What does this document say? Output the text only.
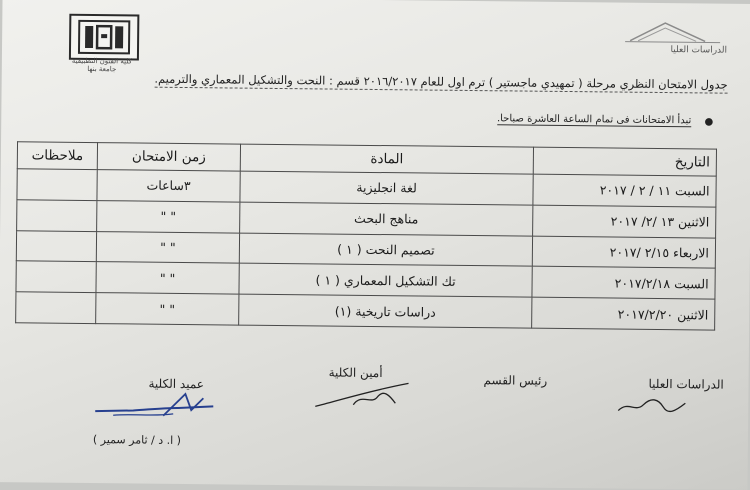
كلية الفنون التطبيقية
جامعة بنها
الدراسات العليا
جدول الامتحان النظري مرحلة ( تمهيدي ماجستير ) ترم اول للعام ٢٠١٦/٢٠١٧ قسم : النحت والتشكيل المعماري والترميم.
●
تبدأ الامتحانات فى تمام الساعة العاشرة صباحا.
التاريخ	المادة	زمن الامتحان	ملاحظات
السبت ١١ / ٢ / ٢٠١٧	لغة انجليزية	٣ساعات	
الاثنين ١٣ /٢/ ٢٠١٧	مناهج البحث	" "	
الاربعاء ٢/١٥ /٢٠١٧	تصميم النحت ( ١ )	" "	
السبت ٢٠١٧/٢/١٨	تك التشكيل المعماري ( ١ )	" "	
الاثنين ٢٠١٧/٢/٢٠	دراسات تاريخية (١)	" "	
الدراسات العليا
رئيس القسم
أمين الكلية
عميد الكلية
( ا. د / ثامر سمير )
